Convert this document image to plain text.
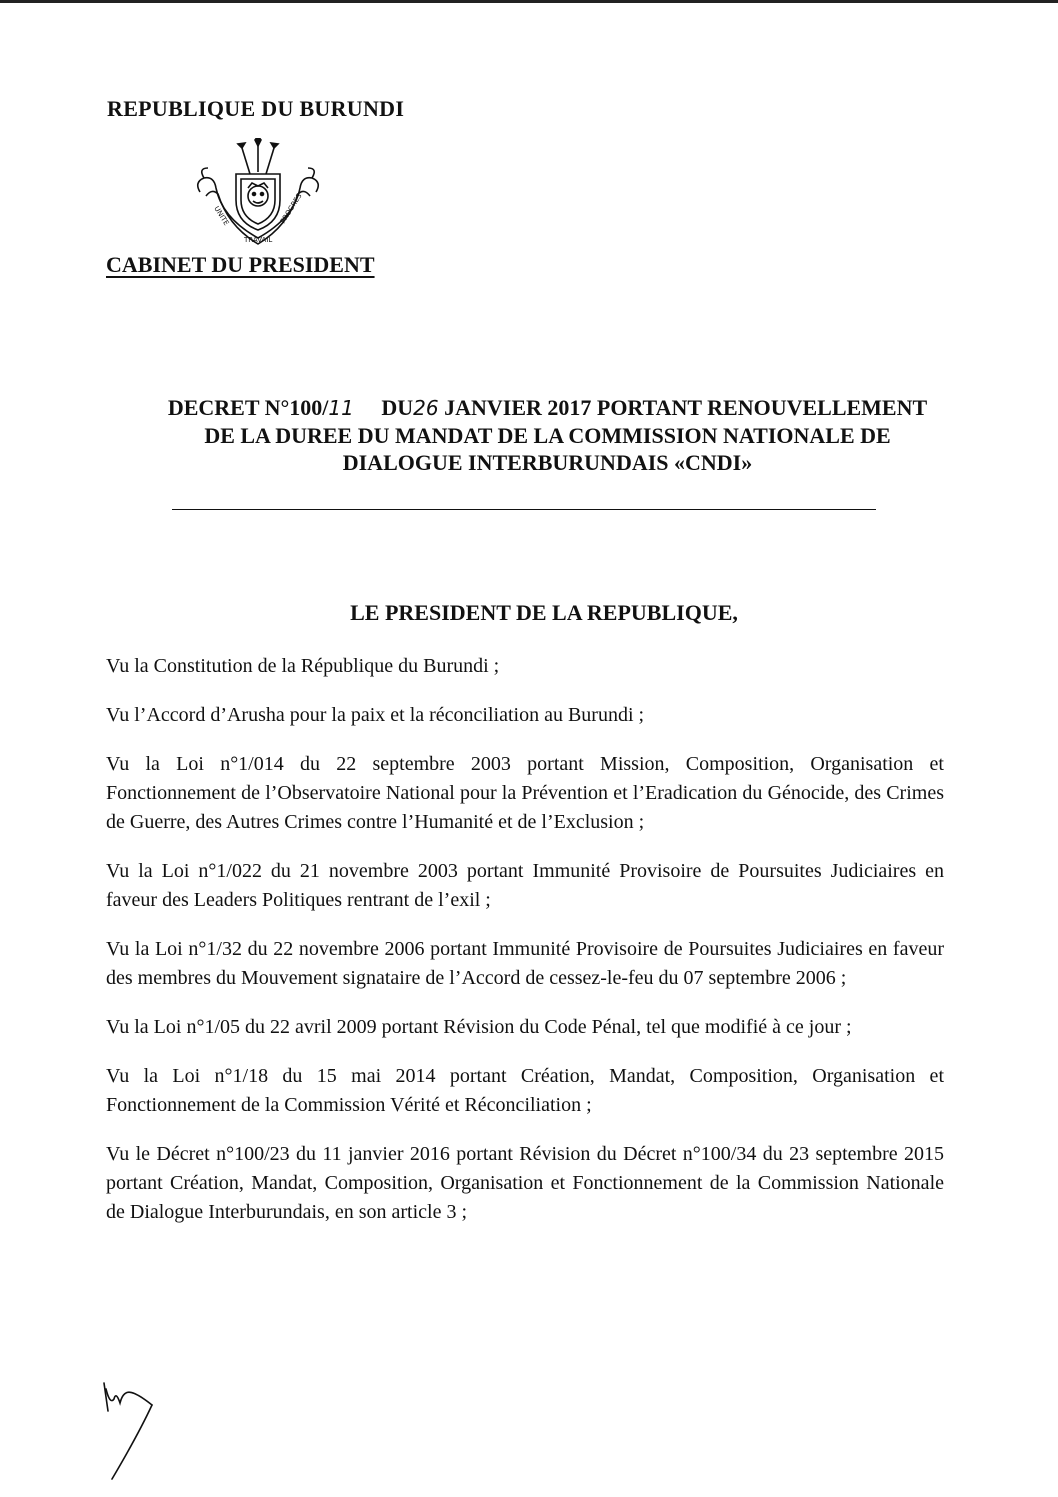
REPUBLIQUE DU BURUNDI
UNITE
TRAVAIL
PROGRES
CABINET DU PRESIDENT
DECRET N°100/11 DU26 JANVIER 2017 PORTANT RENOUVELLEMENT
DE LA DUREE DU MANDAT DE LA COMMISSION NATIONALE DE
DIALOGUE INTERBURUNDAIS «CNDI»
LE PRESIDENT DE LA REPUBLIQUE,

Vu la Constitution de la République du Burundi ;

Vu l’Accord d’Arusha pour la paix et la réconciliation au Burundi ;

Vu la Loi n°1/014 du 22 septembre 2003 portant Mission, Composition, Organisation et Fonctionnement de l’Observatoire National pour la Prévention et l’Eradication du Génocide, des Crimes de Guerre, des Autres Crimes contre l’Humanité et de l’Exclusion ;

Vu la Loi n°1/022 du 21 novembre 2003 portant Immunité Provisoire de Poursuites Judiciaires en faveur des Leaders Politiques rentrant de l’exil ;

Vu la Loi n°1/32 du 22 novembre 2006 portant Immunité Provisoire de Poursuites Judiciaires en faveur des membres du Mouvement signataire de l’Accord de cessez-le-feu du 07 septembre 2006 ;

Vu la Loi n°1/05 du 22 avril 2009 portant Révision du Code Pénal, tel que modifié à ce jour ;

Vu la Loi n°1/18 du 15 mai 2014 portant Création, Mandat, Composition, Organisation et Fonctionnement de la Commission Vérité et Réconciliation ;

Vu le Décret n°100/23 du 11 janvier 2016 portant Révision du Décret n°100/34 du 23 septembre 2015 portant Création, Mandat, Composition, Organisation et Fonctionnement de la Commission Nationale de Dialogue Interburundais, en son article 3 ;
